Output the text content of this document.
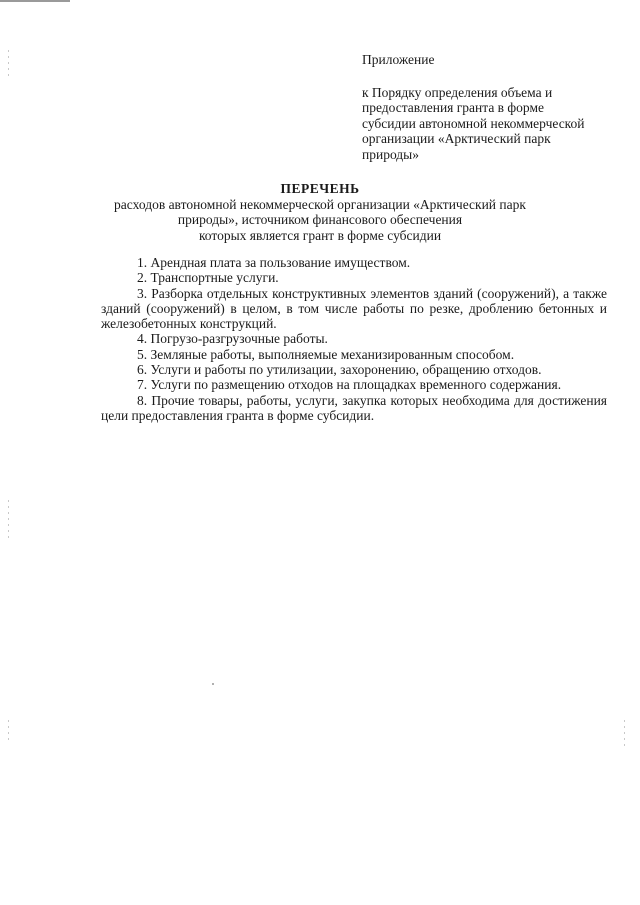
Приложение

к Порядку определения объема и
предоставления гранта в форме
субсидии автономной некоммерческой
организации «Арктический парк
природы»

ПЕРЕЧЕНЬ

расходов автономной некоммерческой организации «Арктический парк
природы», источником финансового обеспечения
которых является грант в форме субсидии

1. Арендная плата за пользование имуществом.

2. Транспортные услуги.

3. Разборка отдельных конструктивных элементов зданий (сооружений), а также зданий (сооружений) в целом, в том числе работы по резке, дроблению бетонных и железобетонных конструкций.

4. Погрузо-разгрузочные работы.

5. Земляные работы, выполняемые механизированным способом.

6. Услуги и работы по утилизации, захоронению, обращению отходов.

7. Услуги по размещению отходов на площадках временного содержания.

8. Прочие товары, работы, услуги, закупка которых необходима для достижения цели предоставления гранта в форме субсидии.
